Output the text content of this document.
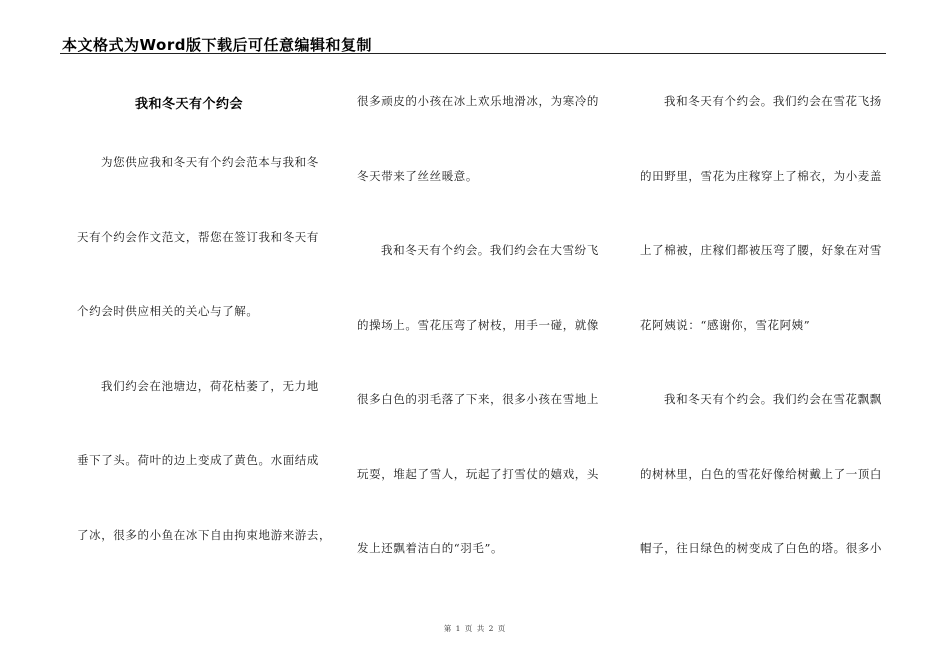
本文格式为Word版下载后可任意编辑和复制
我和冬天有个约会
为您供应我和冬天有个约会范本与我和冬
天有个约会作文范文，帮您在签订我和冬天有
个约会时供应相关的关心与了解。
我们约会在池塘边，荷花枯萎了，无力地
垂下了头。荷叶的边上变成了黄色。水面结成
了冰，很多的小鱼在冰下自由拘束地游来游去，
很多顽皮的小孩在冰上欢乐地滑冰，为寒冷的
冬天带来了丝丝暖意。
我和冬天有个约会。我们约会在大雪纷飞
的操场上。雪花压弯了树枝，用手一碰，就像
很多白色的羽毛落了下来，很多小孩在雪地上
玩耍，堆起了雪人，玩起了打雪仗的嬉戏，头
发上还飘着洁白的“羽毛”。
我和冬天有个约会。我们约会在雪花飞扬
的田野里，雪花为庄稼穿上了棉衣，为小麦盖
上了棉被，庄稼们都被压弯了腰，好象在对雪
花阿姨说：“感谢你，雪花阿姨”
我和冬天有个约会。我们约会在雪花飘飘
的树林里，白色的雪花好像给树戴上了一顶白
帽子，往日绿色的树变成了白色的塔。很多小
第 1 页 共 2 页
